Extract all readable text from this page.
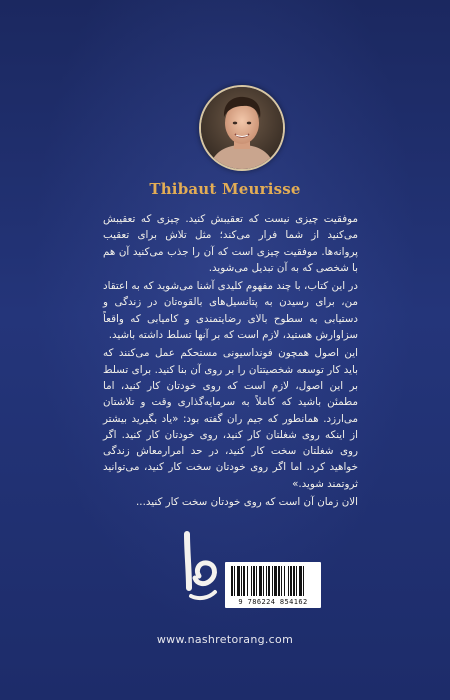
Thibaut Meurisse

موفقیت چیزی نیست که تعقیبش کنید. چیزی که تعقیبش می‌کنید از شما فرار می‌کند؛ مثل تلاش برای تعقیب پروانه‌ها. موفقیت چیزی است که آن را جذب می‌کنید آن هم با شخصی که به آن تبدیل می‌شوید.

در این کتاب، با چند مفهوم کلیدی آشنا می‌شوید که به اعتقاد من، برای رسیدن به پتانسیل‌های بالقوه‌تان در زندگی و دستیابی به سطوح بالای رضایتمندی و کامیابی که واقعاً سزاوارش هستید، لازم است که بر آنها تسلط داشته باشید.

این اصول همچون فونداسیونی مستحکم عمل می‌کنند که باید کار توسعه شخصیتتان را بر روی آن بنا کنید. برای تسلط بر این اصول، لازم است که روی خودتان کار کنید، اما مطمئن باشید که کاملاً به سرمایه‌گذاری وقت و تلاشتان می‌ارزد. همانطور که جیم ران گفته بود: «یاد بگیرید بیشتر از اینکه روی شغلتان کار کنید، روی خودتان کار کنید. اگر روی شغلتان سخت کار کنید، در حد امرارمعاش زندگی خواهید کرد. اما اگر روی خودتان سخت کار کنید، می‌توانید ثروتمند شوید.»

الان زمان آن است که روی خودتان سخت کار کنید...

9 786224 854162
www.nashretorang.com
